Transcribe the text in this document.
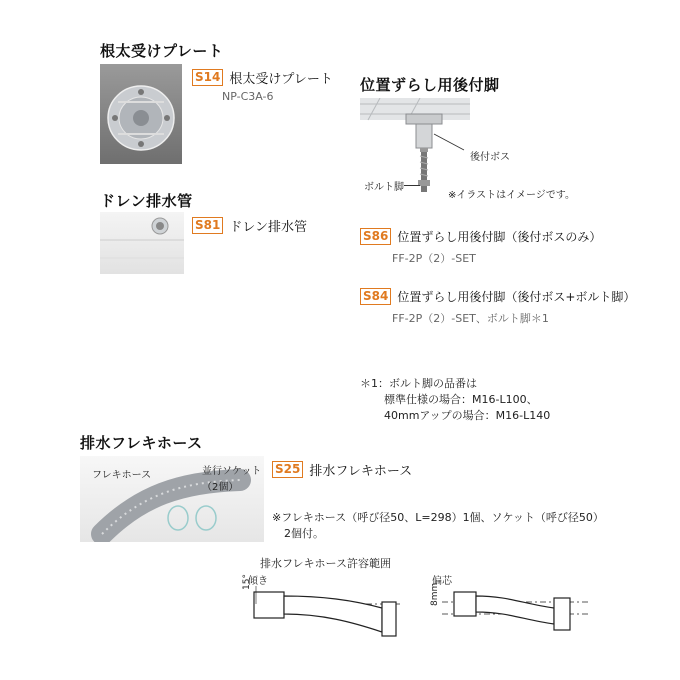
根太受けプレート
S14 根太受けプレート
NP-C3A-6
ドレン排水管
S81 ドレン排水管
位置ずらし用後付脚
後付ボス
ボルト脚
※イラストはイメージです。
S86 位置ずらし用後付脚（後付ボスのみ）
FF-2P（2）-SET
S84 位置ずらし用後付脚（後付ボス+ボルト脚）
FF-2P（2）-SET、ボルト脚＊1
＊1：ボルト脚の品番は
標準仕様の場合：M16-L100、
40mmアップの場合：M16-L140
排水フレキホース
フレキホース	並行ソケット
（2個）
S25 排水フレキホース
※フレキホース（呼び径50、L=298）1個、ソケット（呼び径50）
2個付。
排水フレキホース許容範囲
傾き	偏芯
15°
8mm
